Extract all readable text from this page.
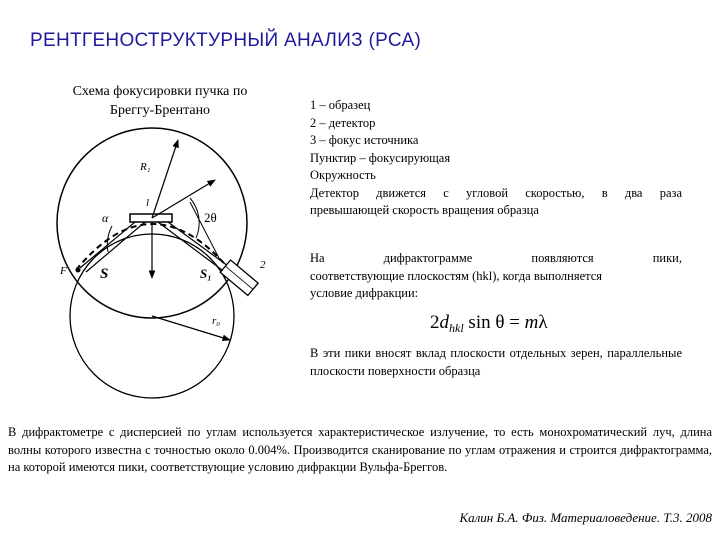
РЕНТГЕНОСТРУКТУРНЫЙ АНАЛИЗ (РСА)
Схема фокусировки пучка по
Бреггу-Брентано
R₁
l
α	2θ
F S	S₁
2
r₀
1 – образец
2 – детектор
3 – фокус источника
Пунктир – фокусирующая
Окружность
Детектор движется с угловой скоростью, в два раза
превышающей скорость вращения образца
На	дифрактограмме	появляются	пики,
соответствующие плоскостям (hkl), когда выполняется
условие дифракции:
$2d_{hkl}$ sin θ = mλ
В эти пики вносят вклад плоскости отдельных зерен, параллельные плоскости поверхности образца
В дифрактометре с дисперсией по углам используется характеристическое излучение, то есть монохроматический луч, длина волны которого известна с точностью около 0.004%. Производится сканирование по углам отражения и строится дифрактограмма, на которой имеются пики, соответствующие условию дифракции Вульфа-Бреггов.
Калин Б.А. Физ. Материаловедение. Т.3. 2008
